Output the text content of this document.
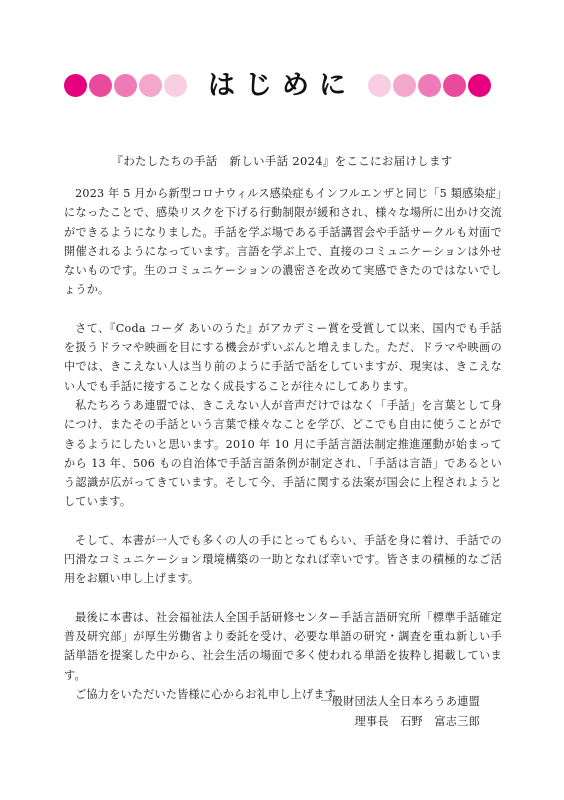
はじめに
『わたしたちの手話　新しい手話 2024』をここにお届けします

2023 年 5 月から新型コロナウィルス感染症もインフルエンザと同じ「5 類感染症」になったことで、感染リスクを下げる行動制限が緩和され、様々な場所に出かけ交流ができるようになりました。手話を学ぶ場である手話講習会や手話サークルも対面で開催されるようになっています。言語を学ぶ上で、直接のコミュニケーションは外せないものです。生のコミュニケーションの濃密さを改めて実感できたのではないでしょうか。

さて、『Coda コーダ あいのうた』がアカデミー賞を受賞して以来、国内でも手話を扱うドラマや映画を目にする機会がずいぶんと増えました。ただ、ドラマや映画の中では、きこえない人は当り前のように手話で話をしていますが、現実は、きこえない人でも手話に接することなく成長することが往々にしてあります。

私たちろうあ連盟では、きこえない人が音声だけではなく「手話」を言葉として身につけ、またその手話という言葉で様々なことを学び、どこでも自由に使うことができるようにしたいと思います。2010 年 10 月に手話言語法制定推進運動が始まってから 13 年、506 もの自治体で手話言語条例が制定され、「手話は言語」であるという認識が広がってきています。そして今、手話に関する法案が国会に上程されようとしています。

そして、本書が一人でも多くの人の手にとってもらい、手話を身に着け、手話での円滑なコミュニケーション環境構築の一助となれば幸いです。皆さまの積極的なご活用をお願い申し上げます。

最後に本書は、社会福祉法人全国手話研修センター手話言語研究所「標準手話確定普及研究部」が厚生労働省より委託を受け、必要な単語の研究・調査を重ね新しい手話単語を提案した中から、社会生活の場面で多く使われる単語を抜粋し掲載しています。

ご協力をいただいた皆様に心からお礼申し上げます。

一般財団法人全日本ろうあ連盟
理事長　石野　富志三郎
